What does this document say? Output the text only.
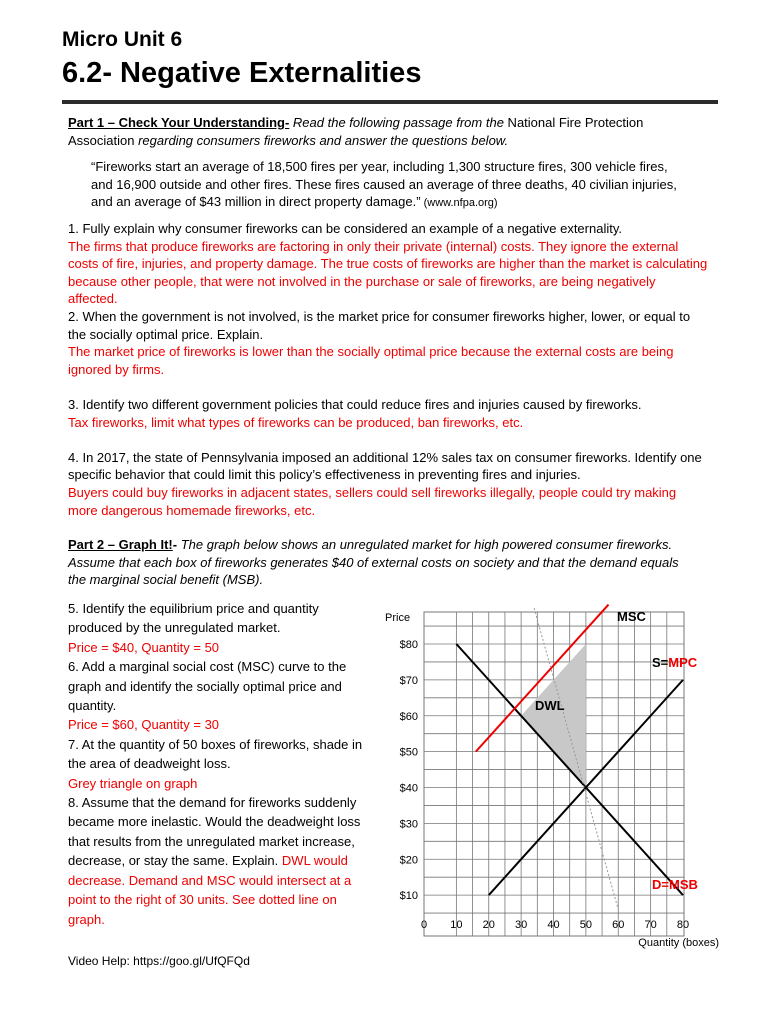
Micro Unit 6
6.2- Negative Externalities
Part 1 – Check Your Understanding- Read the following passage from the National Fire Protection
Association regarding consumers fireworks and answer the questions below.
“Fireworks start an average of 18,500 fires per year, including 1,300 structure fires, 300 vehicle fires, and 16,900 outside and other fires. These fires caused an average of three deaths, 40 civilian injuries, and an average of $43 million in direct property damage.” (www.nfpa.org)

1. Fully explain why consumer fireworks can be considered an example of a negative externality.

The firms that produce fireworks are factoring in only their private (internal) costs. They ignore the external costs of fire, injuries, and property damage. The true costs of fireworks are higher than the market is calculating because other people, that were not involved in the purchase or sale of fireworks, are being negatively affected.

2. When the government is not involved, is the market price for consumer fireworks higher, lower, or equal to the socially optimal price. Explain.

The market price of fireworks is lower than the socially optimal price because the external costs are being ignored by firms.

3. Identify two different government policies that could reduce fires and injuries caused by fireworks.

Tax fireworks, limit what types of fireworks can be produced, ban fireworks, etc.

4. In 2017, the state of Pennsylvania imposed an additional 12% sales tax on consumer fireworks. Identify one specific behavior that could limit this policy’s effectiveness in preventing fires and injuries.

Buyers could buy fireworks in adjacent states, sellers could sell fireworks illegally, people could try making more dangerous homemade fireworks, etc.

Part 2 – Graph It!- The graph below shows an unregulated market for high powered consumer fireworks. Assume that each box of fireworks generates $40 of external costs on society and that the demand equals the marginal social benefit (MSB).

5. Identify the equilibrium price and quantity produced by the unregulated market.

Price = $40, Quantity = 50

6. Add a marginal social cost (MSC) curve to the graph and identify the socially optimal price and quantity.

Price = $60, Quantity = 30

7. At the quantity of 50 boxes of fireworks, shade in the area of deadweight loss.

Grey triangle on graph

8. Assume that the demand for fireworks suddenly became more inelastic. Would the deadweight loss that results from the unregulated market increase, decrease, or stay the same. Explain. DWL would decrease. Demand and MSC would intersect at a point to the right of 30 units. See dotted line on graph.

$10
$20
$30
$40
$50
$60
$70
$80
0 10 20 30 40 50 60 70 80
Price
Quantity (boxes)
MSC
S=MPC
D=MSB
DWL
Video Help: https://goo.gl/UfQFQd
